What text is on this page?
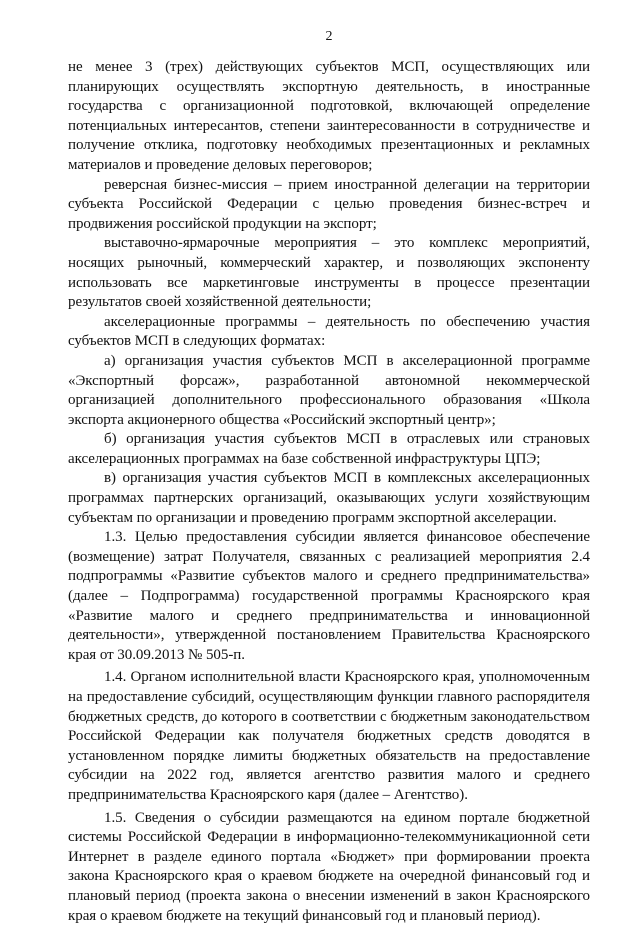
2

не менее 3 (трех) действующих субъектов МСП, осуществляющих или планирующих осуществлять экспортную деятельность, в иностранные государства с организационной подготовкой, включающей определение потенциальных интересантов, степени заинтересованности в сотрудничестве и получение отклика, подготовку необходимых презентационных и рекламных материалов и проведение деловых переговоров;

реверсная бизнес-миссия – прием иностранной делегации на территории субъекта Российской Федерации с целью проведения бизнес-встреч и продвижения российской продукции на экспорт;

выставочно-ярмарочные мероприятия – это комплекс мероприятий, носящих рыночный, коммерческий характер, и позволяющих экспоненту использовать все маркетинговые инструменты в процессе презентации результатов своей хозяйственной деятельности;

акселерационные программы – деятельность по обеспечению участия субъектов МСП в следующих форматах:

а) организация участия субъектов МСП в акселерационной программе «Экспортный форсаж», разработанной автономной некоммерческой организацией дополнительного профессионального образования «Школа экспорта акционерного общества «Российский экспортный центр»;

б) организация участия субъектов МСП в отраслевых или страновых акселерационных программах на базе собственной инфраструктуры ЦПЭ;

в) организация участия субъектов МСП в комплексных акселерационных программах партнерских организаций, оказывающих услуги хозяйствующим субъектам по организации и проведению программ экспортной акселерации.

1.3. Целью предоставления субсидии является финансовое обеспечение (возмещение) затрат Получателя, связанных с реализацией мероприятия 2.4 подпрограммы «Развитие субъектов малого и среднего предпринимательства» (далее – Подпрограмма) государственной программы Красноярского края «Развитие малого и среднего предпринимательства и инновационной деятельности», утвержденной постановлением Правительства Красноярского края от 30.09.2013 № 505-п.

1.4. Органом исполнительной власти Красноярского края, уполномоченным на предоставление субсидий, осуществляющим функции главного распорядителя бюджетных средств, до которого в соответствии с бюджетным законодательством Российской Федерации как получателя бюджетных средств доводятся в установленном порядке лимиты бюджетных обязательств на предоставление субсидии на 2022 год, является агентство развития малого и среднего предпринимательства Красноярского каря (далее – Агентство).

1.5. Сведения о субсидии размещаются на едином портале бюджетной системы Российской Федерации в информационно-телекоммуникационной сети Интернет в разделе единого портала «Бюджет» при формировании проекта закона Красноярского края о краевом бюджете на очередной финансовый год и плановый период (проекта закона о внесении изменений в закон Красноярского края о краевом бюджете на текущий финансовый год и плановый период).
